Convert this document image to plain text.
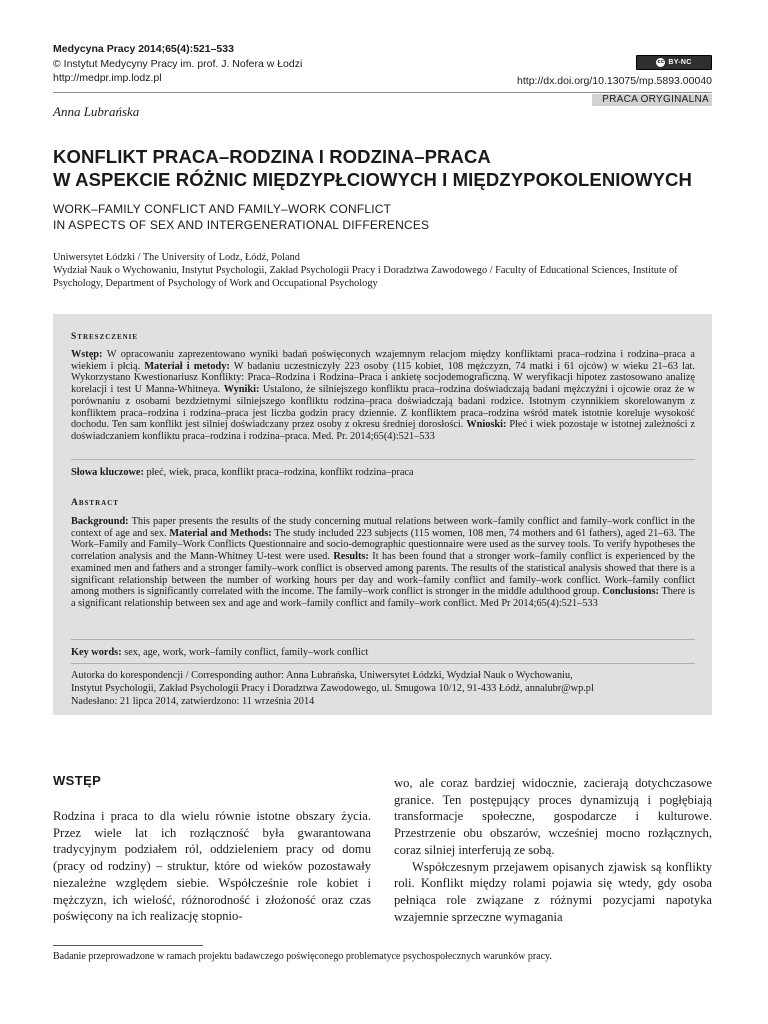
Medycyna Pracy 2014;65(4):521–533
© Instytut Medycyny Pracy im. prof. J. Nofera w Łodzi
http://medpr.imp.lodz.pl
cc BY-NC
http://dx.doi.org/10.13075/mp.5893.00040
PRACA ORYGINALNA
Anna Lubrańska
KONFLIKT PRACA–RODZINA I RODZINA–PRACA
W ASPEKCIE RÓŻNIC MIĘDZYPŁCIOWYCH I MIĘDZYPOKOLENIOWYCH
WORK–FAMILY CONFLICT AND FAMILY–WORK CONFLICT
IN ASPECTS OF SEX AND INTERGENERATIONAL DIFFERENCES
Uniwersytet Łódzki / The University of Lodz, Łódź, Poland
Wydział Nauk o Wychowaniu, Instytut Psychologii, Zakład Psychologii Pracy i Doradztwa Zawodowego / Faculty of Educational Sciences, Institute of Psychology, Department of Psychology of Work and Occupational Psychology
Streszczenie
Wstęp: W opracowaniu zaprezentowano wyniki badań poświęconych wzajemnym relacjom między konfliktami praca–rodzina i rodzina–praca a wiekiem i płcią. Materiał i metody: W badaniu uczestniczyły 223 osoby (115 kobiet, 108 mężczyzn, 74 matki i 61 ojców) w wieku 21–63 lat. Wykorzystano Kwestionariusz Konflikty: Praca–Rodzina i Rodzina–Praca i ankietę socjodemograficzną. W weryfikacji hipotez zastosowano analizę korelacji i test U Manna-Whitneya. Wyniki: Ustalono, że silniejszego konfliktu praca–rodzina doświadczają badani mężczyźni i ojcowie oraz że w porównaniu z osobami bezdzietnymi silniejszego konfliktu rodzina–praca doświadczają badani rodzice. Istotnym czynnikiem skorelowanym z konfliktem praca–rodzina i rodzina–praca jest liczba godzin pracy dziennie. Z konfliktem praca–rodzina wśród matek istotnie koreluje wysokość dochodu. Ten sam konflikt jest silniej doświadczany przez osoby z okresu średniej dorosłości. Wnioski: Płeć i wiek pozostaje w istotnej zależności z doświadczaniem konfliktu praca–rodzina i rodzina–praca. Med. Pr. 2014;65(4):521–533
Słowa kluczowe: płeć, wiek, praca, konflikt praca–rodzina, konflikt rodzina–praca
Abstract
Background: This paper presents the results of the study concerning mutual relations between work–family conflict and family–work conflict in the context of age and sex. Material and Methods: The study included 223 subjects (115 women, 108 men, 74 mothers and 61 fathers), aged 21–63. The Work–Family and Family–Work Conflicts Questionnaire and socio-demographic questionnaire were used as the survey tools. To verify hypotheses the correlation analysis and the Mann-Whitney U-test were used. Results: It has been found that a stronger work–family conflict is experienced by the examined men and fathers and a stronger family–work conflict is observed among parents. The results of the statistical analysis showed that there is a significant relationship between the number of working hours per day and work–family conflict and family–work conflict. Work–family conflict among mothers is significantly correlated with the income. The family–work conflict is stronger in the middle adulthood group. Conclusions: There is a significant relationship between sex and age and work–family conflict and family–work conflict. Med Pr 2014;65(4):521–533
Key words: sex, age, work, work–family conflict, family–work conflict
Autorka do korespondencji / Corresponding author: Anna Lubrańska, Uniwersytet Łódzki, Wydział Nauk o Wychowaniu,
Instytut Psychologii, Zakład Psychologii Pracy i Doradztwa Zawodowego, ul. Smugowa 10/12, 91-433 Łódź, annalubr@wp.pl
Nadesłano: 21 lipca 2014, zatwierdzono: 11 września 2014
WSTĘP

Rodzina i praca to dla wielu równie istotne obszary życia. Przez wiele lat ich rozłączność była gwarantowana tradycyjnym podziałem ról, oddzieleniem pracy od domu (pracy od rodziny) – struktur, które od wieków pozostawały niezależne względem siebie. Współcześnie role kobiet i mężczyzn, ich wielość, różnorodność i złożoność oraz czas poświęcony na ich realizację stopnio-

wo, ale coraz bardziej widocznie, zacierają dotychczasowe granice. Ten postępujący proces dynamizują i pogłębiają transformacje społeczne, gospodarcze i kulturowe. Przestrzenie obu obszarów, wcześniej mocno rozłącznych, coraz silniej interferują ze sobą.

Współczesnym przejawem opisanych zjawisk są konflikty roli. Konflikt między rolami pojawia się wtedy, gdy osoba pełniąca role związane z różnymi pozycjami napotyka wzajemnie sprzeczne wymagania

Badanie przeprowadzone w ramach projektu badawczego poświęconego problematyce psychospołecznych warunków pracy.
